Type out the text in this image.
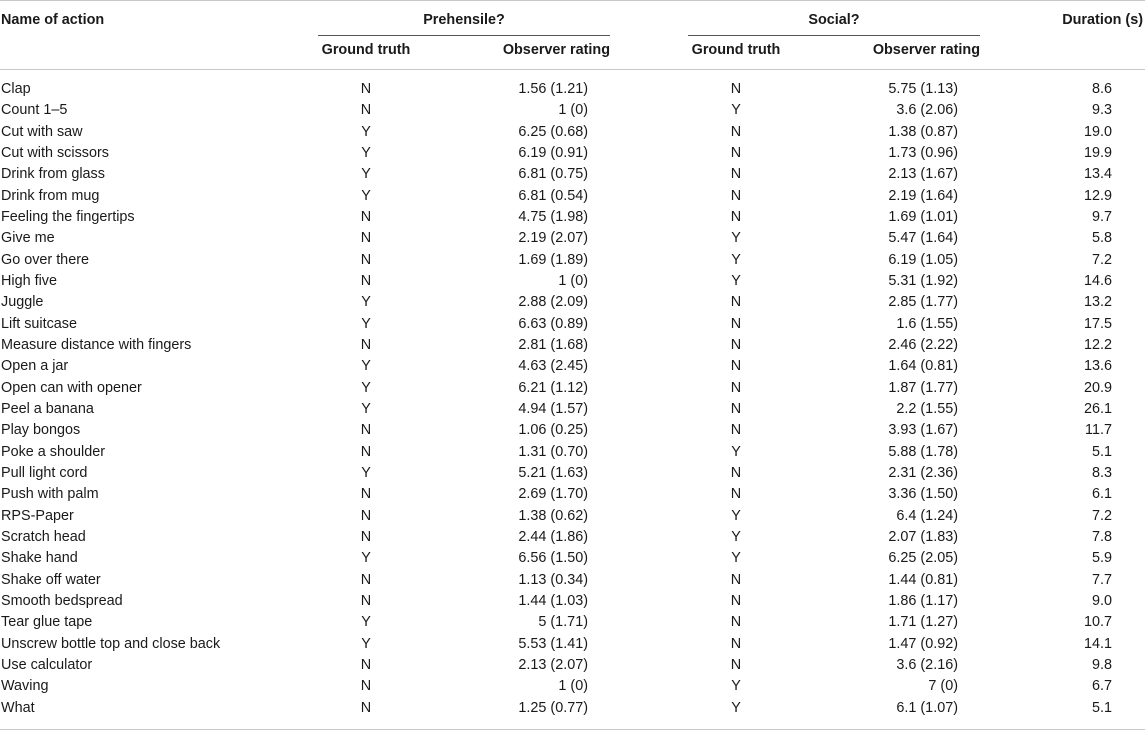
Name of action	Prehensile?	Social?	Duration (s)
Ground truth	Observer rating	Ground truth	Observer rating
Clap	N	1.56 (1.21)	N	5.75 (1.13)	8.6
Count 1–5	N	1 (0)	Y	3.6 (2.06)	9.3
Cut with saw	Y	6.25 (0.68)	N	1.38 (0.87)	19.0
Cut with scissors	Y	6.19 (0.91)	N	1.73 (0.96)	19.9
Drink from glass	Y	6.81 (0.75)	N	2.13 (1.67)	13.4
Drink from mug	Y	6.81 (0.54)	N	2.19 (1.64)	12.9
Feeling the fingertips	N	4.75 (1.98)	N	1.69 (1.01)	9.7
Give me	N	2.19 (2.07)	Y	5.47 (1.64)	5.8
Go over there	N	1.69 (1.89)	Y	6.19 (1.05)	7.2
High five	N	1 (0)	Y	5.31 (1.92)	14.6
Juggle	Y	2.88 (2.09)	N	2.85 (1.77)	13.2
Lift suitcase	Y	6.63 (0.89)	N	1.6 (1.55)	17.5
Measure distance with fingers	N	2.81 (1.68)	N	2.46 (2.22)	12.2
Open a jar	Y	4.63 (2.45)	N	1.64 (0.81)	13.6
Open can with opener	Y	6.21 (1.12)	N	1.87 (1.77)	20.9
Peel a banana	Y	4.94 (1.57)	N	2.2 (1.55)	26.1
Play bongos	N	1.06 (0.25)	N	3.93 (1.67)	11.7
Poke a shoulder	N	1.31 (0.70)	Y	5.88 (1.78)	5.1
Pull light cord	Y	5.21 (1.63)	N	2.31 (2.36)	8.3
Push with palm	N	2.69 (1.70)	N	3.36 (1.50)	6.1
RPS-Paper	N	1.38 (0.62)	Y	6.4 (1.24)	7.2
Scratch head	N	2.44 (1.86)	Y	2.07 (1.83)	7.8
Shake hand	Y	6.56 (1.50)	Y	6.25 (2.05)	5.9
Shake off water	N	1.13 (0.34)	N	1.44 (0.81)	7.7
Smooth bedspread	N	1.44 (1.03)	N	1.86 (1.17)	9.0
Tear glue tape	Y	5 (1.71)	N	1.71 (1.27)	10.7
Unscrew bottle top and close back	Y	5.53 (1.41)	N	1.47 (0.92)	14.1
Use calculator	N	2.13 (2.07)	N	3.6 (2.16)	9.8
Waving	N	1 (0)	Y	7 (0)	6.7
What	N	1.25 (0.77)	Y	6.1 (1.07)	5.1
